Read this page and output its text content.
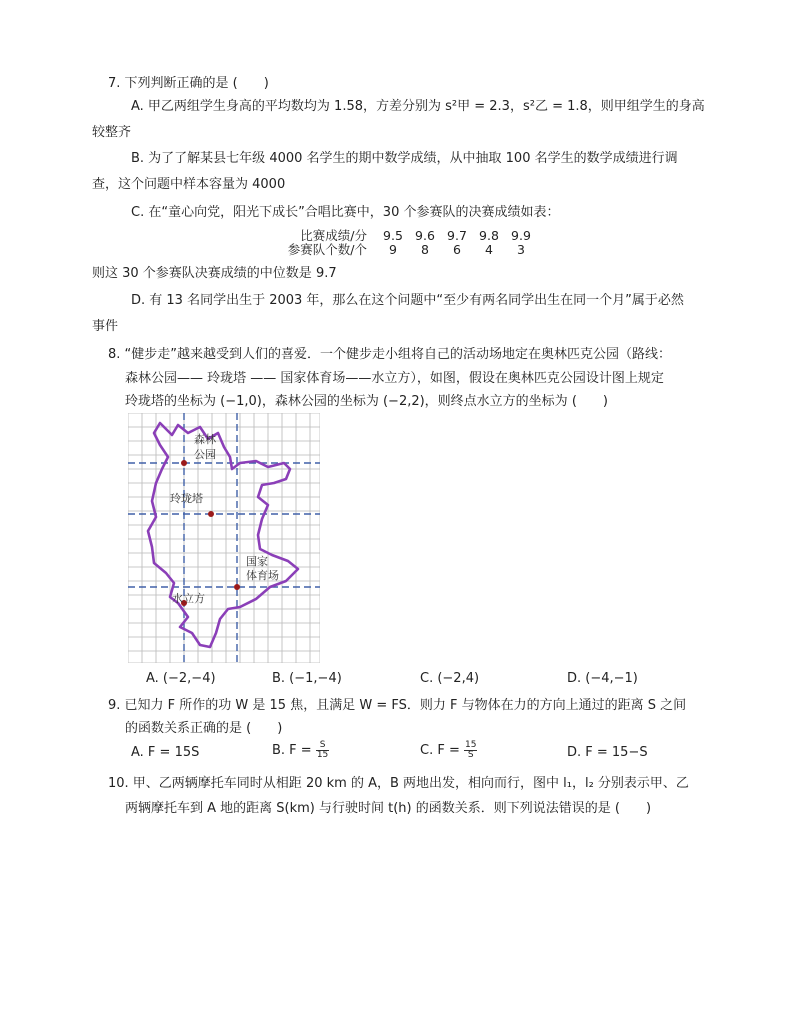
7. 下列判断正确的是 (　　)
A. 甲乙两组学生身高的平均数均为 1.58，方差分别为 s²甲 = 2.3，s²乙 = 1.8，则甲组学生的身高
较整齐
B. 为了了解某县七年级 4000 名学生的期中数学成绩，从中抽取 100 名学生的数学成绩进行调
查，这个问题中样本容量为 4000
C. 在“童心向党，阳光下成长”合唱比赛中，30 个参赛队的决赛成绩如表：
比赛成绩/分	9.5 9.6 9.7 9.8 9.9
参赛队个数/个	9	8	6	4	3
则这 30 个参赛队决赛成绩的中位数是 9.7
D. 有 13 名同学出生于 2003 年，那么在这个问题中“至少有两名同学出生在同一个月”属于必然
事件
8. “健步走”越来越受到人们的喜爱．一个健步走小组将自己的活动场地定在奥林匹克公园（路线：
森林公园—— 玲珑塔 —— 国家体育场——水立方），如图，假设在奥林匹克公园设计图上规定
玲珑塔的坐标为 (−1,0)，森林公园的坐标为 (−2,2)，则终点水立方的坐标为 (　　)
森林
公园
玲珑塔
国家
体育场
水立方
A. (−2,−4)	B. (−1,−4)	C. (−2,4)	D. (−4,−1)
9. 已知力 F 所作的功 W 是 15 焦，且满足 W = FS．则力 F 与物体在力的方向上通过的距离 S 之间
的函数关系正确的是 (　　)
A. F = 15S	B. $F = \frac{S}{15}$	C. $F = \frac{15}{S}$	D. F = 15−S
10. 甲、乙两辆摩托车同时从相距 20 km 的 A，B 两地出发，相向而行，图中 l₁，l₂ 分别表示甲、乙
两辆摩托车到 A 地的距离 S(km) 与行驶时间 t(h) 的函数关系．则下列说法错误的是 (　　)
